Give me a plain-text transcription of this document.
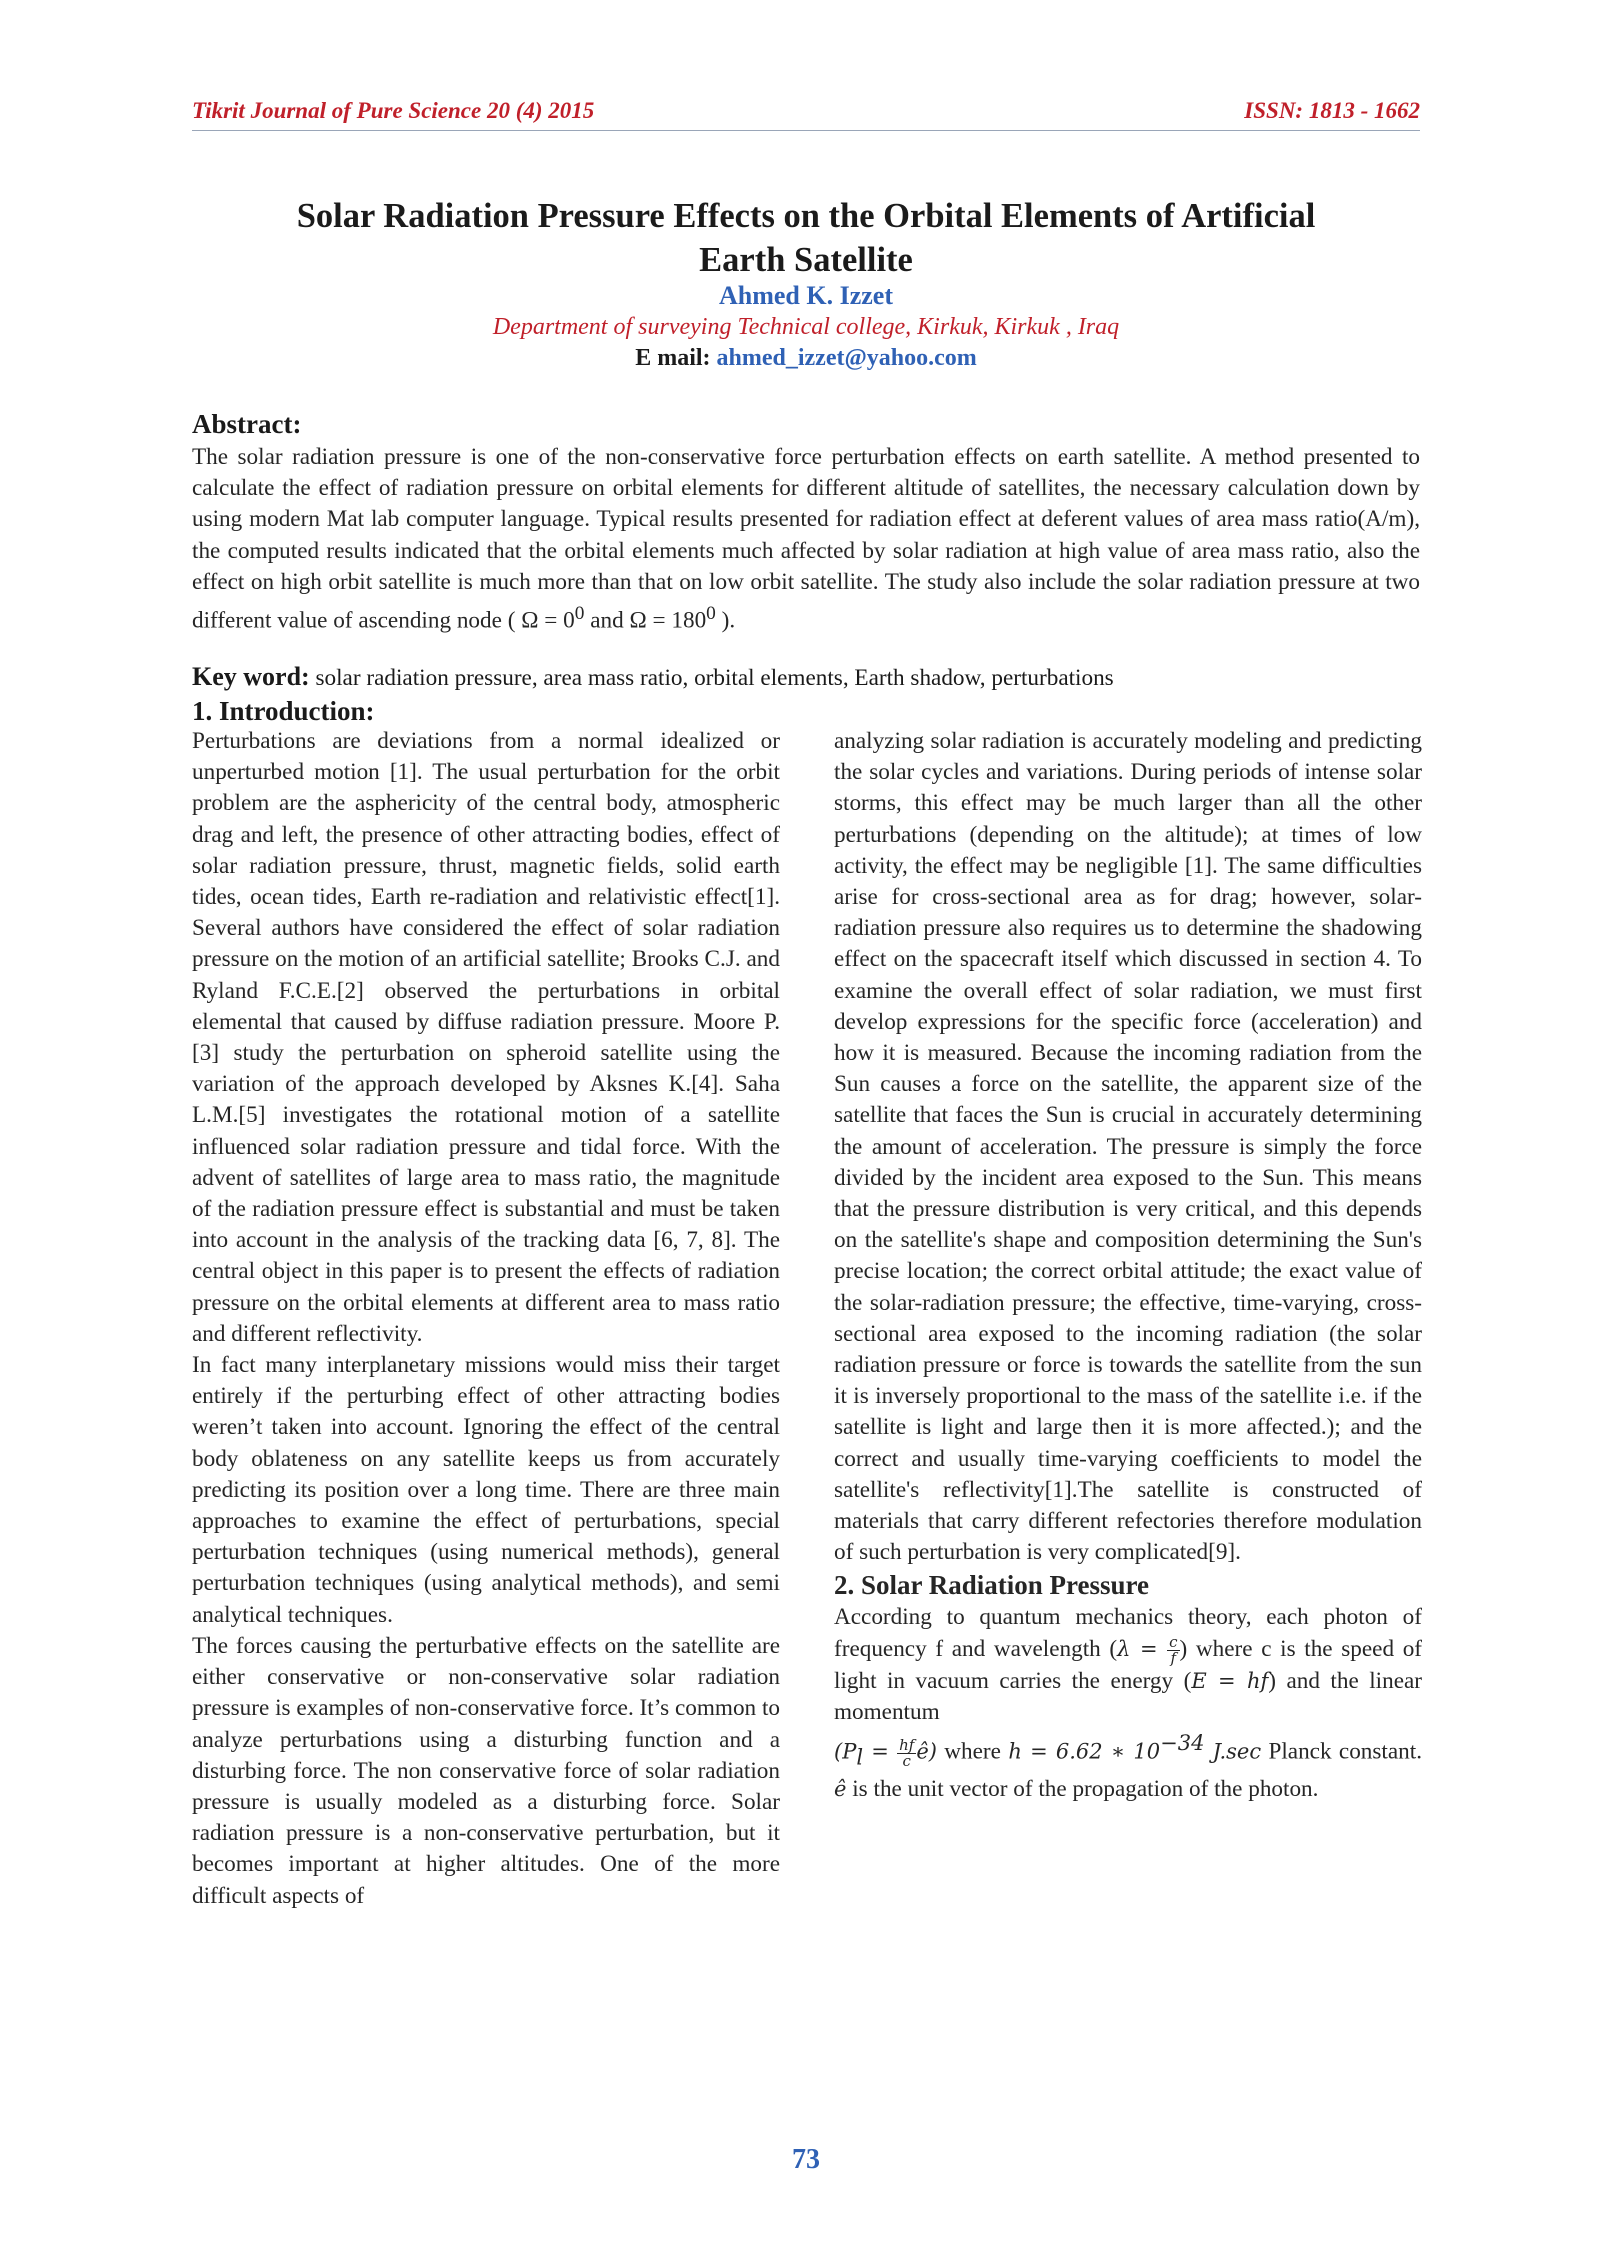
Tikrit Journal of Pure Science 20 (4) 2015	ISSN: 1813 - 1662
Solar Radiation Pressure Effects on the Orbital Elements of Artificial
Earth Satellite
Ahmed K. Izzet
Department of surveying Technical college, Kirkuk, Kirkuk , Iraq
E mail: ahmed_izzet@yahoo.com
Abstract:
The solar radiation pressure is one of the non-conservative force perturbation effects on earth satellite. A method presented to calculate the effect of radiation pressure on orbital elements for different altitude of satellites, the necessary calculation down by using modern Mat lab computer language. Typical results presented for radiation effect at deferent values of area mass ratio(A/m), the computed results indicated that the orbital elements much affected by solar radiation at high value of area mass ratio, also the effect on high orbit satellite is much more than that on low orbit satellite. The study also include the solar radiation pressure at two different value of ascending node ( $\Omega = 0^0$ and $\Omega = 180^0$ ).
Key word: solar radiation pressure, area mass ratio, orbital elements, Earth shadow, perturbations
1. Introduction:

Perturbations are deviations from a normal idealized or unperturbed motion [1]. The usual perturbation for the orbit problem are the asphericity of the central body, atmospheric drag and left, the presence of other attracting bodies, effect of solar radiation pressure, thrust, magnetic fields, solid earth tides, ocean tides, Earth re-radiation and relativistic effect[1]. Several authors have considered the effect of solar radiation pressure on the motion of an artificial satellite; Brooks C.J. and Ryland F.C.E.[2] observed the perturbations in orbital elemental that caused by diffuse radiation pressure. Moore P.[3] study the perturbation on spheroid satellite using the variation of the approach developed by Aksnes K.[4]. Saha L.M.[5] investigates the rotational motion of a satellite influenced solar radiation pressure and tidal force. With the advent of satellites of large area to mass ratio, the magnitude of the radiation pressure effect is substantial and must be taken into account in the analysis of the tracking data [6, 7, 8]. The central object in this paper is to present the effects of radiation pressure on the orbital elements at different area to mass ratio and different reflectivity.

In fact many interplanetary missions would miss their target entirely if the perturbing effect of other attracting bodies weren’t taken into account. Ignoring the effect of the central body oblateness on any satellite keeps us from accurately predicting its position over a long time. There are three main approaches to examine the effect of perturbations, special perturbation techniques (using numerical methods), general perturbation techniques (using analytical methods), and semi analytical techniques.

The forces causing the perturbative effects on the satellite are either conservative or non-conservative solar radiation pressure is examples of non-conservative force. It’s common to analyze perturbations using a disturbing function and a disturbing force. The non conservative force of solar radiation pressure is usually modeled as a disturbing force. Solar radiation pressure is a non-conservative perturbation, but it becomes important at higher altitudes. One of the more difficult aspects of

analyzing solar radiation is accurately modeling and predicting the solar cycles and variations. During periods of intense solar storms, this effect may be much larger than all the other perturbations (depending on the altitude); at times of low activity, the effect may be negligible [1]. The same difficulties arise for cross-sectional area as for drag; however, solar-radiation pressure also requires us to determine the shadowing effect on the spacecraft itself which discussed in section 4. To examine the overall effect of solar radiation, we must first develop expressions for the specific force (acceleration) and how it is measured. Because the incoming radiation from the Sun causes a force on the satellite, the apparent size of the satellite that faces the Sun is crucial in accurately determining the amount of acceleration. The pressure is simply the force divided by the incident area exposed to the Sun. This means that the pressure distribution is very critical, and this depends on the satellite's shape and composition determining the Sun's precise location; the correct orbital attitude; the exact value of the solar-radiation pressure; the effective, time-varying, cross-sectional area exposed to the incoming radiation (the solar radiation pressure or force is towards the satellite from the sun it is inversely proportional to the mass of the satellite i.e. if the satellite is light and large then it is more affected.); and the correct and usually time-varying coefficients to model the satellite's reflectivity[1].The satellite is constructed of materials that carry different refectories therefore modulation of such perturbation is very complicated[9].

2. Solar Radiation Pressure

According to quantum mechanics theory, each photon of frequency f and wavelength ($\lambda = \frac{c}{f}$ ) where c is the speed of light in vacuum carries the energy (E = hf) and the linear momentum
($P_l = \frac{hf}{c}$ ê) where h = 6.62 ∗ $10^{-34}$ J.sec Planck constant. ê is the unit vector of the propagation of the photon.

73
